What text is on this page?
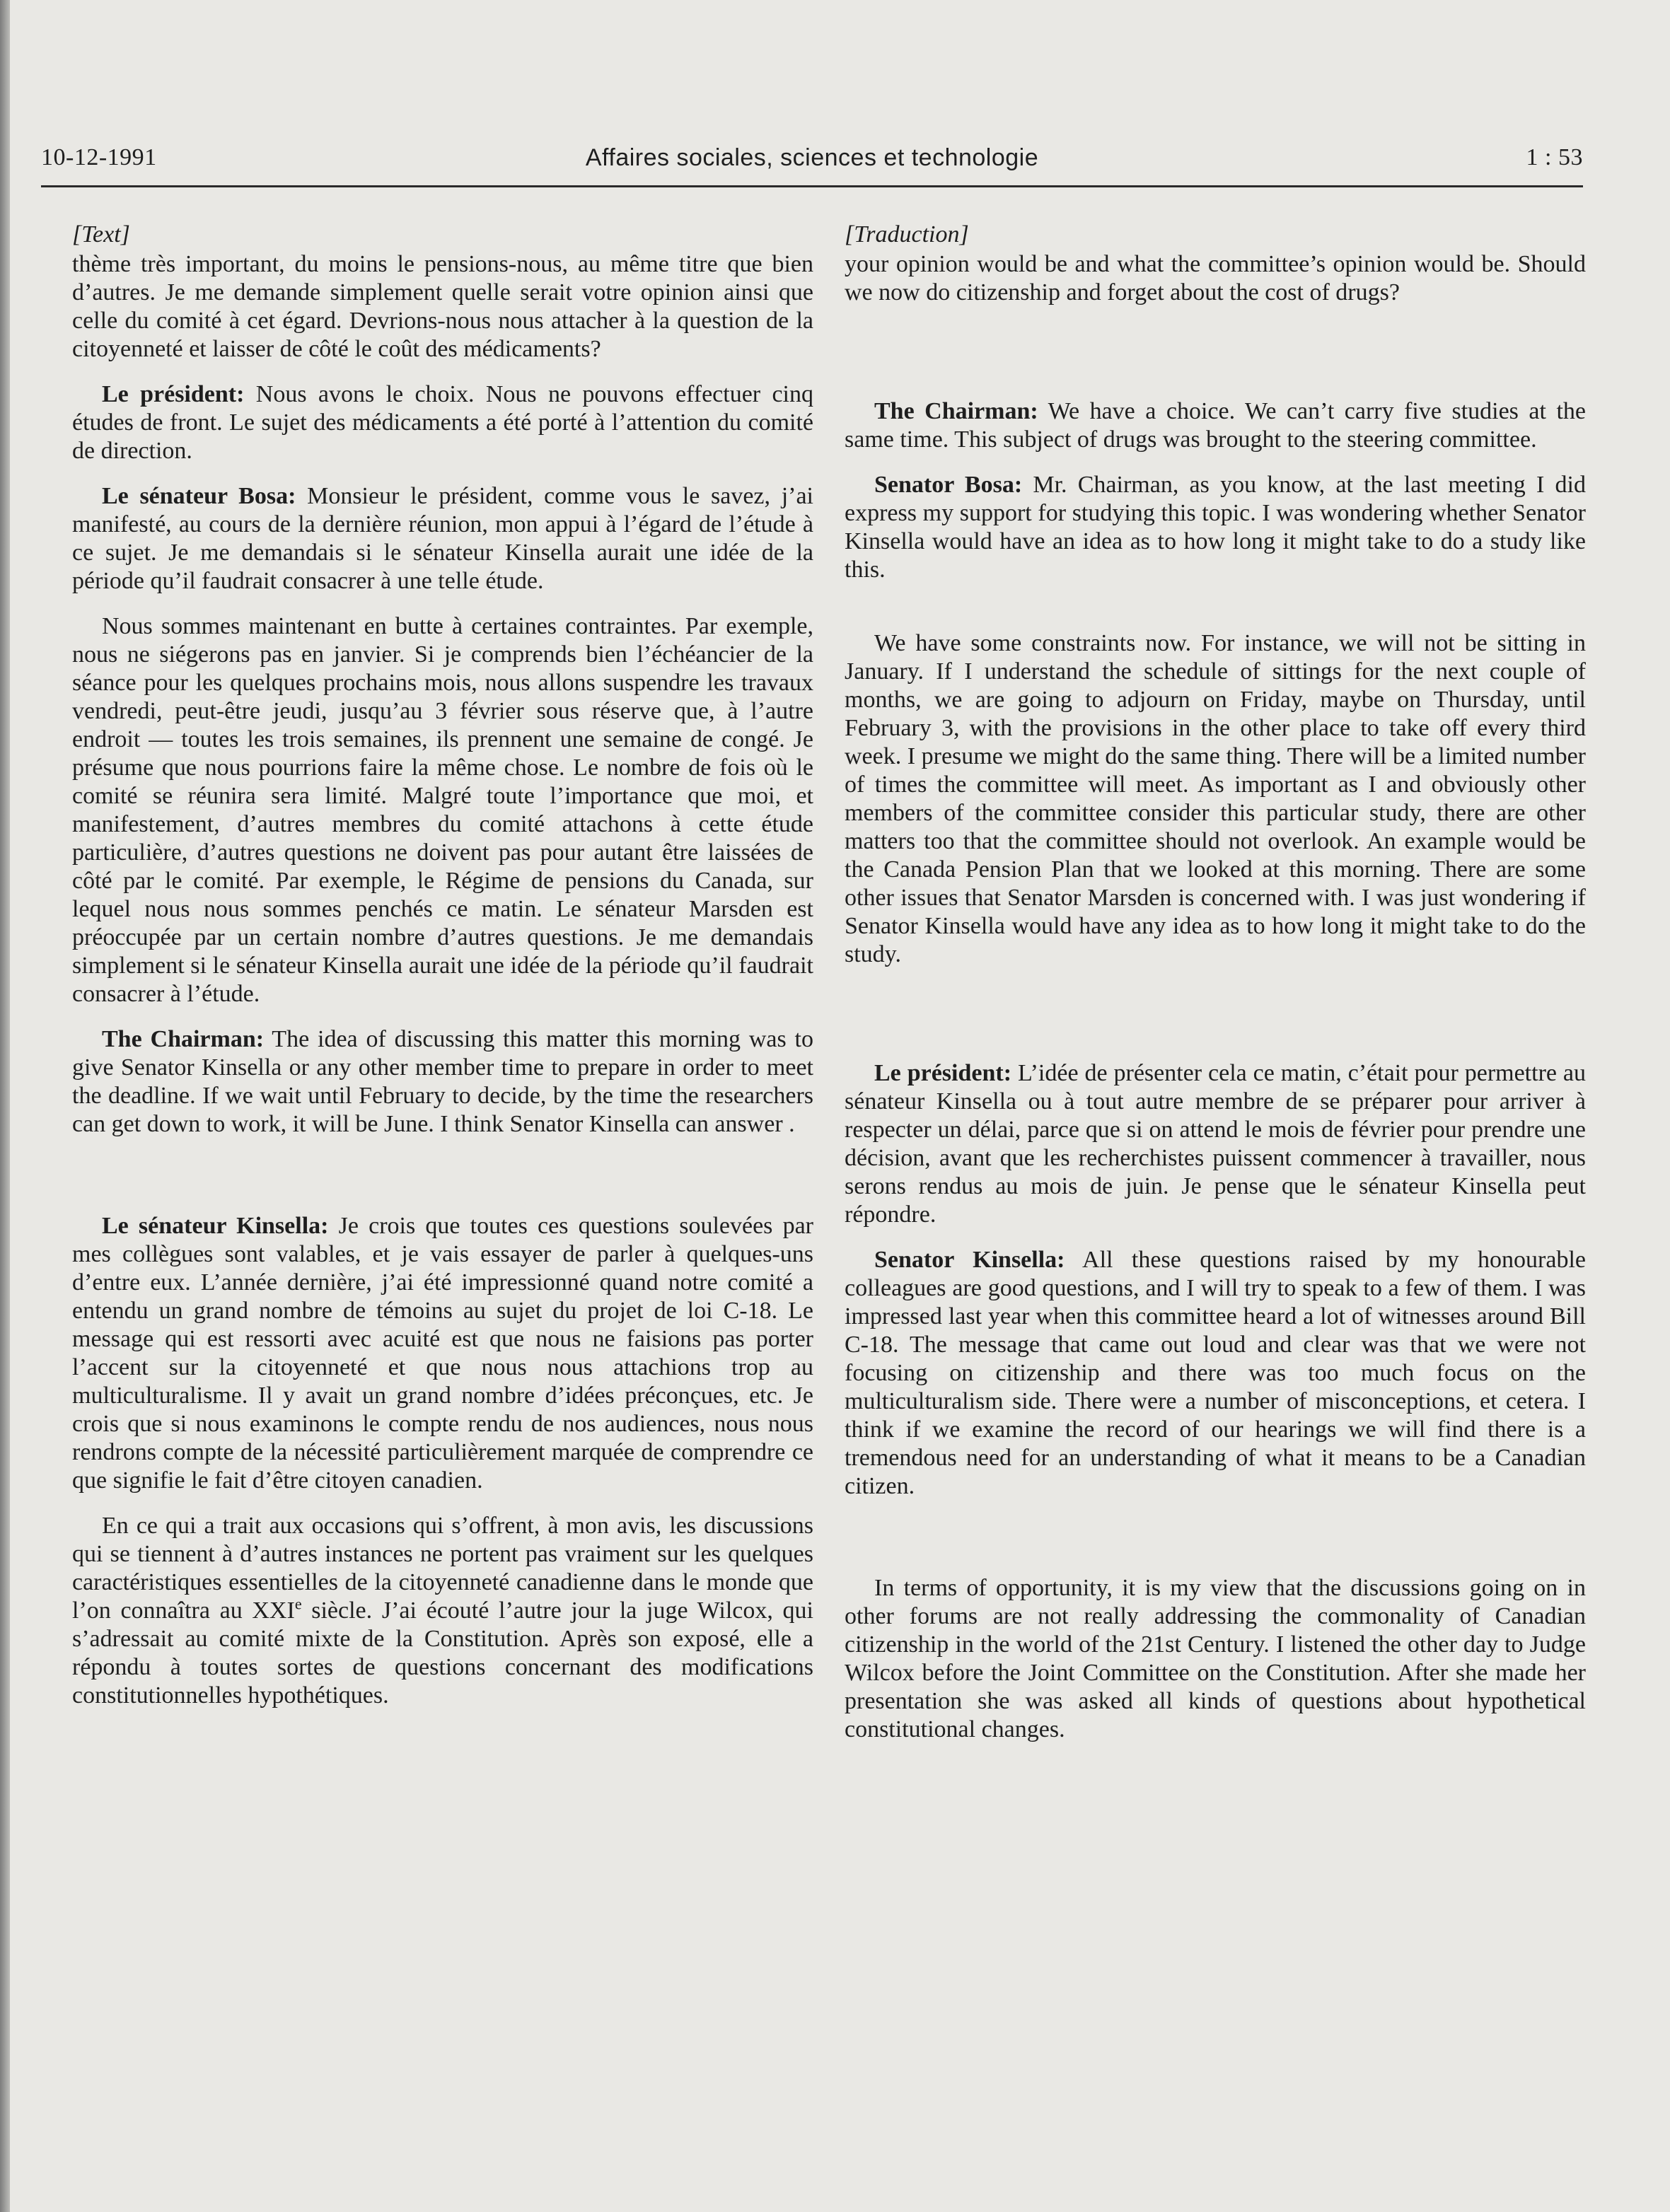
10-12-1991	Affaires sociales, sciences et technologie	1 : 53
[Text]

thème très important, du moins le pensions-nous, au même titre que bien d’autres. Je me demande simplement quelle serait votre opinion ainsi que celle du comité à cet égard. Devrions-nous nous attacher à la question de la citoyenneté et laisser de côté le coût des médicaments?

Le président: Nous avons le choix. Nous ne pouvons effectuer cinq études de front. Le sujet des médicaments a été porté à l’attention du comité de direction.

Le sénateur Bosa: Monsieur le président, comme vous le savez, j’ai manifesté, au cours de la dernière réunion, mon appui à l’égard de l’étude à ce sujet. Je me demandais si le sénateur Kinsella aurait une idée de la période qu’il faudrait consacrer à une telle étude.

Nous sommes maintenant en butte à certaines contraintes. Par exemple, nous ne siégerons pas en janvier. Si je comprends bien l’échéancier de la séance pour les quelques prochains mois, nous allons suspendre les travaux vendredi, peut-être jeudi, jusqu’au 3 février sous réserve que, à l’autre endroit — toutes les trois semaines, ils prennent une semaine de congé. Je présume que nous pourrions faire la même chose. Le nombre de fois où le comité se réunira sera limité. Malgré toute l’importance que moi, et manifestement, d’autres membres du comité attachons à cette étude particulière, d’autres questions ne doivent pas pour autant être laissées de côté par le comité. Par exemple, le Régime de pensions du Canada, sur lequel nous nous sommes penchés ce matin. Le sénateur Marsden est préoccupée par un certain nombre d’autres questions. Je me demandais simplement si le sénateur Kinsella aurait une idée de la période qu’il faudrait consacrer à l’étude.

The Chairman: The idea of discussing this matter this morning was to give Senator Kinsella or any other member time to prepare in order to meet the deadline. If we wait until February to decide, by the time the researchers can get down to work, it will be June. I think Senator Kinsella can answer .

Le sénateur Kinsella: Je crois que toutes ces questions soulevées par mes collègues sont valables, et je vais essayer de parler à quelques-uns d’entre eux. L’année dernière, j’ai été impressionné quand notre comité a entendu un grand nombre de témoins au sujet du projet de loi C-18. Le message qui est ressorti avec acuité est que nous ne faisions pas porter l’accent sur la citoyenneté et que nous nous attachions trop au multiculturalisme. Il y avait un grand nombre d’idées préconçues, etc. Je crois que si nous examinons le compte rendu de nos audiences, nous nous rendrons compte de la nécessité particulièrement marquée de comprendre ce que signifie le fait d’être citoyen canadien.

En ce qui a trait aux occasions qui s’offrent, à mon avis, les discussions qui se tiennent à d’autres instances ne portent pas vraiment sur les quelques caractéristiques essentielles de la citoyenneté canadienne dans le monde que l’on connaîtra au XXIe siècle. J’ai écouté l’autre jour la juge Wilcox, qui s’adressait au comité mixte de la Constitution. Après son exposé, elle a répondu à toutes sortes de questions concernant des modifications constitutionnelles hypothétiques.

[Traduction]

your opinion would be and what the committee’s opinion would be. Should we now do citizenship and forget about the cost of drugs?

The Chairman: We have a choice. We can’t carry five studies at the same time. This subject of drugs was brought to the steering committee.

Senator Bosa: Mr. Chairman, as you know, at the last meeting I did express my support for studying this topic. I was wondering whether Senator Kinsella would have an idea as to how long it might take to do a study like this.

We have some constraints now. For instance, we will not be sitting in January. If I understand the schedule of sittings for the next couple of months, we are going to adjourn on Friday, maybe on Thursday, until February 3, with the provisions in the other place to take off every third week. I presume we might do the same thing. There will be a limited number of times the committee will meet. As important as I and obviously other members of the committee consider this particular study, there are other matters too that the committee should not overlook. An example would be the Canada Pension Plan that we looked at this morning. There are some other issues that Senator Marsden is concerned with. I was just wondering if Senator Kinsella would have any idea as to how long it might take to do the study.

Le président: L’idée de présenter cela ce matin, c’était pour permettre au sénateur Kinsella ou à tout autre membre de se préparer pour arriver à respecter un délai, parce que si on attend le mois de février pour prendre une décision, avant que les recherchistes puissent commencer à travailler, nous serons rendus au mois de juin. Je pense que le sénateur Kinsella peut répondre.

Senator Kinsella: All these questions raised by my honourable colleagues are good questions, and I will try to speak to a few of them. I was impressed last year when this committee heard a lot of witnesses around Bill C-18. The message that came out loud and clear was that we were not focusing on citizenship and there was too much focus on the multiculturalism side. There were a number of misconceptions, et cetera. I think if we examine the record of our hearings we will find there is a tremendous need for an understanding of what it means to be a Canadian citizen.

In terms of opportunity, it is my view that the discussions going on in other forums are not really addressing the commonality of Canadian citizenship in the world of the 21st Century. I listened the other day to Judge Wilcox before the Joint Committee on the Constitution. After she made her presentation she was asked all kinds of questions about hypothetical constitutional changes.
